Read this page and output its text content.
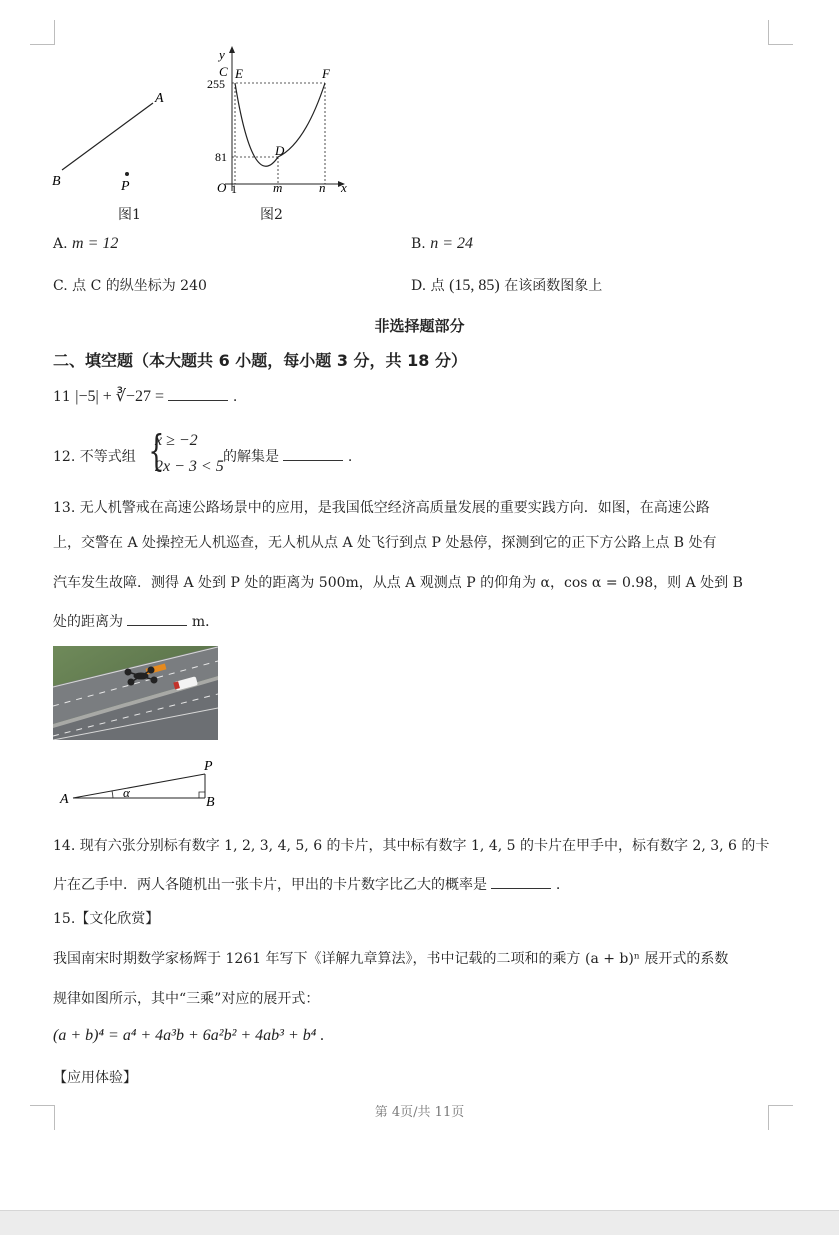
A
B	P
图1
y
x
O 1	m	n
255
81
C E	F
D
图2
A. m = 12	B. n = 24
C. 点 C 的纵坐标为 240	D. 点 (15, 85) 在该函数图象上
非选择题部分
二、填空题（本大题共 6 小题，每小题 3 分，共 18 分）
11 |−5| + ∛−27 =	.
12. 不等式组 {
x ≥ −2
2x − 3 < 5
的解集是	.
13. 无人机警戒在高速公路场景中的应用，是我国低空经济高质量发展的重要实践方向．如图，在高速公路
上，交警在 A 处操控无人机巡查，无人机从点 A 处飞行到点 P 处悬停，探测到它的正下方公路上点 B 处有
汽车发生故障．测得 A 处到 P 处的距离为 500m，从点 A 观测点 P 的仰角为 α，cos α = 0.98，则 A 处到 B
处的距离为	m．
A	B
P
α
14. 现有六张分别标有数字 1, 2, 3, 4, 5, 6 的卡片，其中标有数字 1, 4, 5 的卡片在甲手中，标有数字 2, 3, 6 的卡
片在乙手中．两人各随机出一张卡片，甲出的卡片数字比乙大的概率是	.
15.【文化欣赏】
我国南宋时期数学家杨辉于 1261 年写下《详解九章算法》，书中记载的二项和的乘方 (a + b)ⁿ 展开式的系数
规律如图所示，其中“三乘”对应的展开式：
(a + b)⁴ = a⁴ + 4a³b + 6a²b² + 4ab³ + b⁴ .
【应用体验】
第 4页/共 11页
